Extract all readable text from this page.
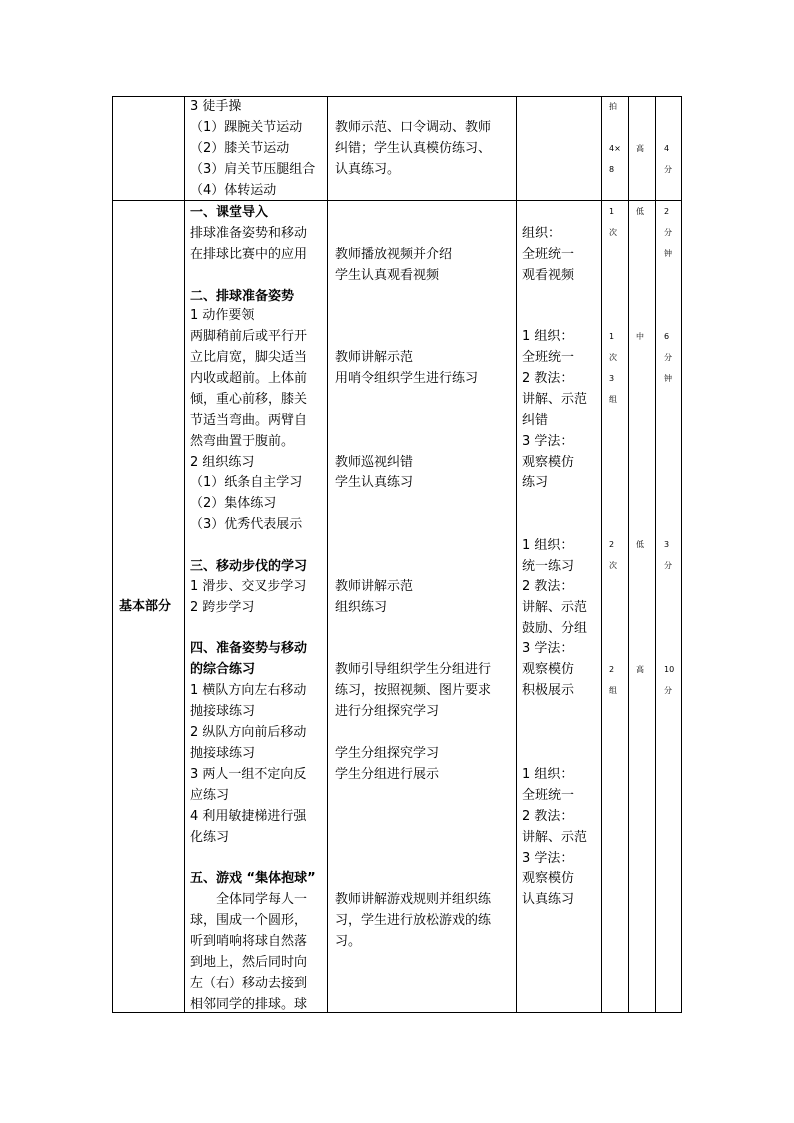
3 徒手操
（1）踝腕关节运动
（2）膝关节运动
（3）肩关节压腿组合
（4）体转运动
教师示范、口令调动、教师
纠错；学生认真模仿练习、
认真练习。
拍
4×
8
高	4
分
基本部分
一、课堂导入
排球准备姿势和移动
在排球比赛中的应用
二、排球准备姿势
1 动作要领
两脚稍前后或平行开
立比肩宽，脚尖适当
内收或超前。上体前
倾，重心前移，膝关
节适当弯曲。两臂自
然弯曲置于腹前。
2 组织练习
（1）纸条自主学习
（2）集体练习
（3）优秀代表展示
三、移动步伐的学习
1 滑步、交叉步学习
2 跨步学习
四、准备姿势与移动
的综合练习
1 横队方向左右移动
抛接球练习
2 纵队方向前后移动
抛接球练习
3 两人一组不定向反
应练习
4 利用敏捷梯进行强
化练习
五、游戏 “集体抱球”
全体同学每人一
球，围成一个圆形，
听到哨响将球自然落
到地上，然后同时向
左（右）移动去接到
相邻同学的排球。球
教师播放视频并介绍
学生认真观看视频
教师讲解示范
用哨令组织学生进行练习
教师巡视纠错
学生认真练习
教师讲解示范
组织练习
教师引导组织学生分组进行
练习，按照视频、图片要求
进行分组探究学习
学生分组探究学习
学生分组进行展示
教师讲解游戏规则并组织练
习，学生进行放松游戏的练
习。
组织：
全班统一
观看视频
1 组织：
全班统一
2 教法：
讲解、示范
纠错
3 学法：
观察模仿
练习
1 组织：
统一练习
2 教法：
讲解、示范
鼓励、分组
3 学法：
观察模仿
积极展示
1 组织：
全班统一
2 教法：
讲解、示范
3 学法：
观察模仿
认真练习
1
次
1
次
3
组
2
次
2
组
低
中
低
高
2
分
钟
6
分
钟
3
分
10
分
